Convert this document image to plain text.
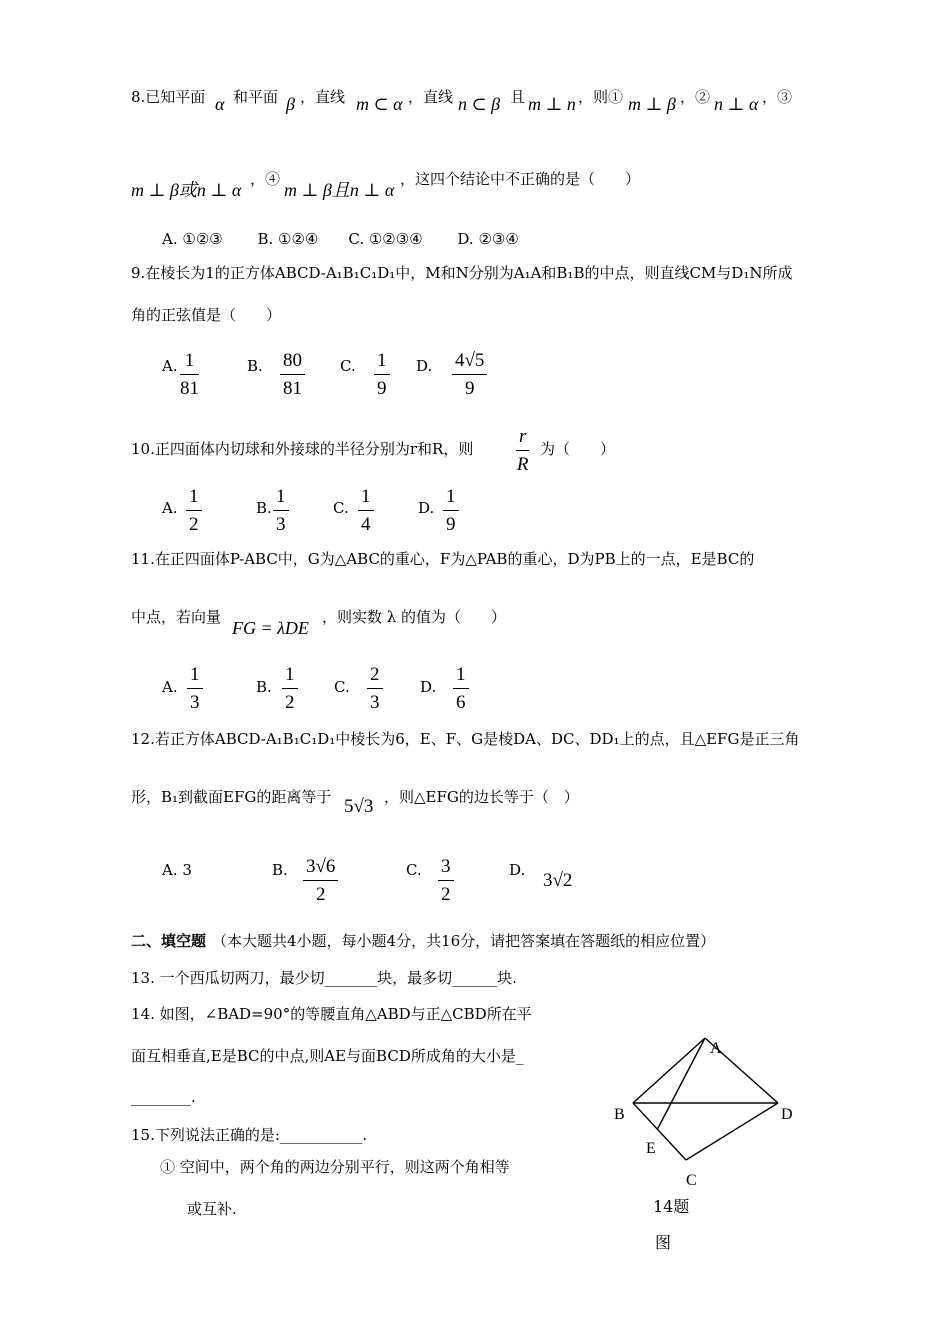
8.已知平面 α 和平面 β ，直线 m ⊂ α ，直线 n ⊂ β 且 m ⊥ n ，则① m ⊥ β ，② n ⊥ α ，③
m ⊥ β或n ⊥ α
，④
m ⊥ β且n ⊥ α
，这四个结论中不正确的是（　　）
A. ①②③　　 B. ①②④　　C. ①②③④　　 D. ②③④
9.在棱长为1的正方体ABCD-A₁B₁C₁D₁中，M和N分别为A₁A和B₁B的中点，则直线CM与D₁N所成
角的正弦值是（　　）
A. $\frac{1}{81}$	B. $\frac{80}{81} C$. $\frac{1}{9} D$. $\frac{4√5}{9}$
10.正四面体内切球和外接球的半径分别为r和R，则 $\frac{r}{R}$ 为（　　）
A. $\frac{1}{2}$	B. $\frac{1}{3}$	C. $\frac{1}{4}$	D. $\frac{1}{9}$
11.在正四面体P-ABC中，G为△ABC的重心，F为△PAB的重心，D为PB上的一点，E是BC的
中点，若向量
FG = λDE
，则实数 λ 的值为（　　）
A. $\frac{1}{3}$	B. $\frac{1}{2} C$. $\frac{2}{3}$	D. $\frac{1}{6}$
12.若正方体ABCD-A₁B₁C₁D₁中棱长为6，E、F、G是棱DA、DC、DD₁上的点，且△EFG是正三角
形，B₁到截面EFG的距离等于 5√3 ，则△EFG的边长等于（　）
A. 3	B. $\frac{3√6}{2}$	C. $\frac{3}{2}$	D. 3√2
二、填空题 （本大题共4小题，每小题4分，共16分，请把答案填在答题纸的相应位置）
13. 一个西瓜切两刀，最少切_______块，最多切______块.
14. 如图，∠BAD=90°的等腰直角△ABD与正△CBD所在平
面互相垂直,E是BC的中点,则AE与面BCD所成角的大小是_
________.
15.下列说法正确的是:___________.
① 空间中，两个角的两边分别平行，则这两个角相等
或互补.
A
B	D
E
C
14题
图
